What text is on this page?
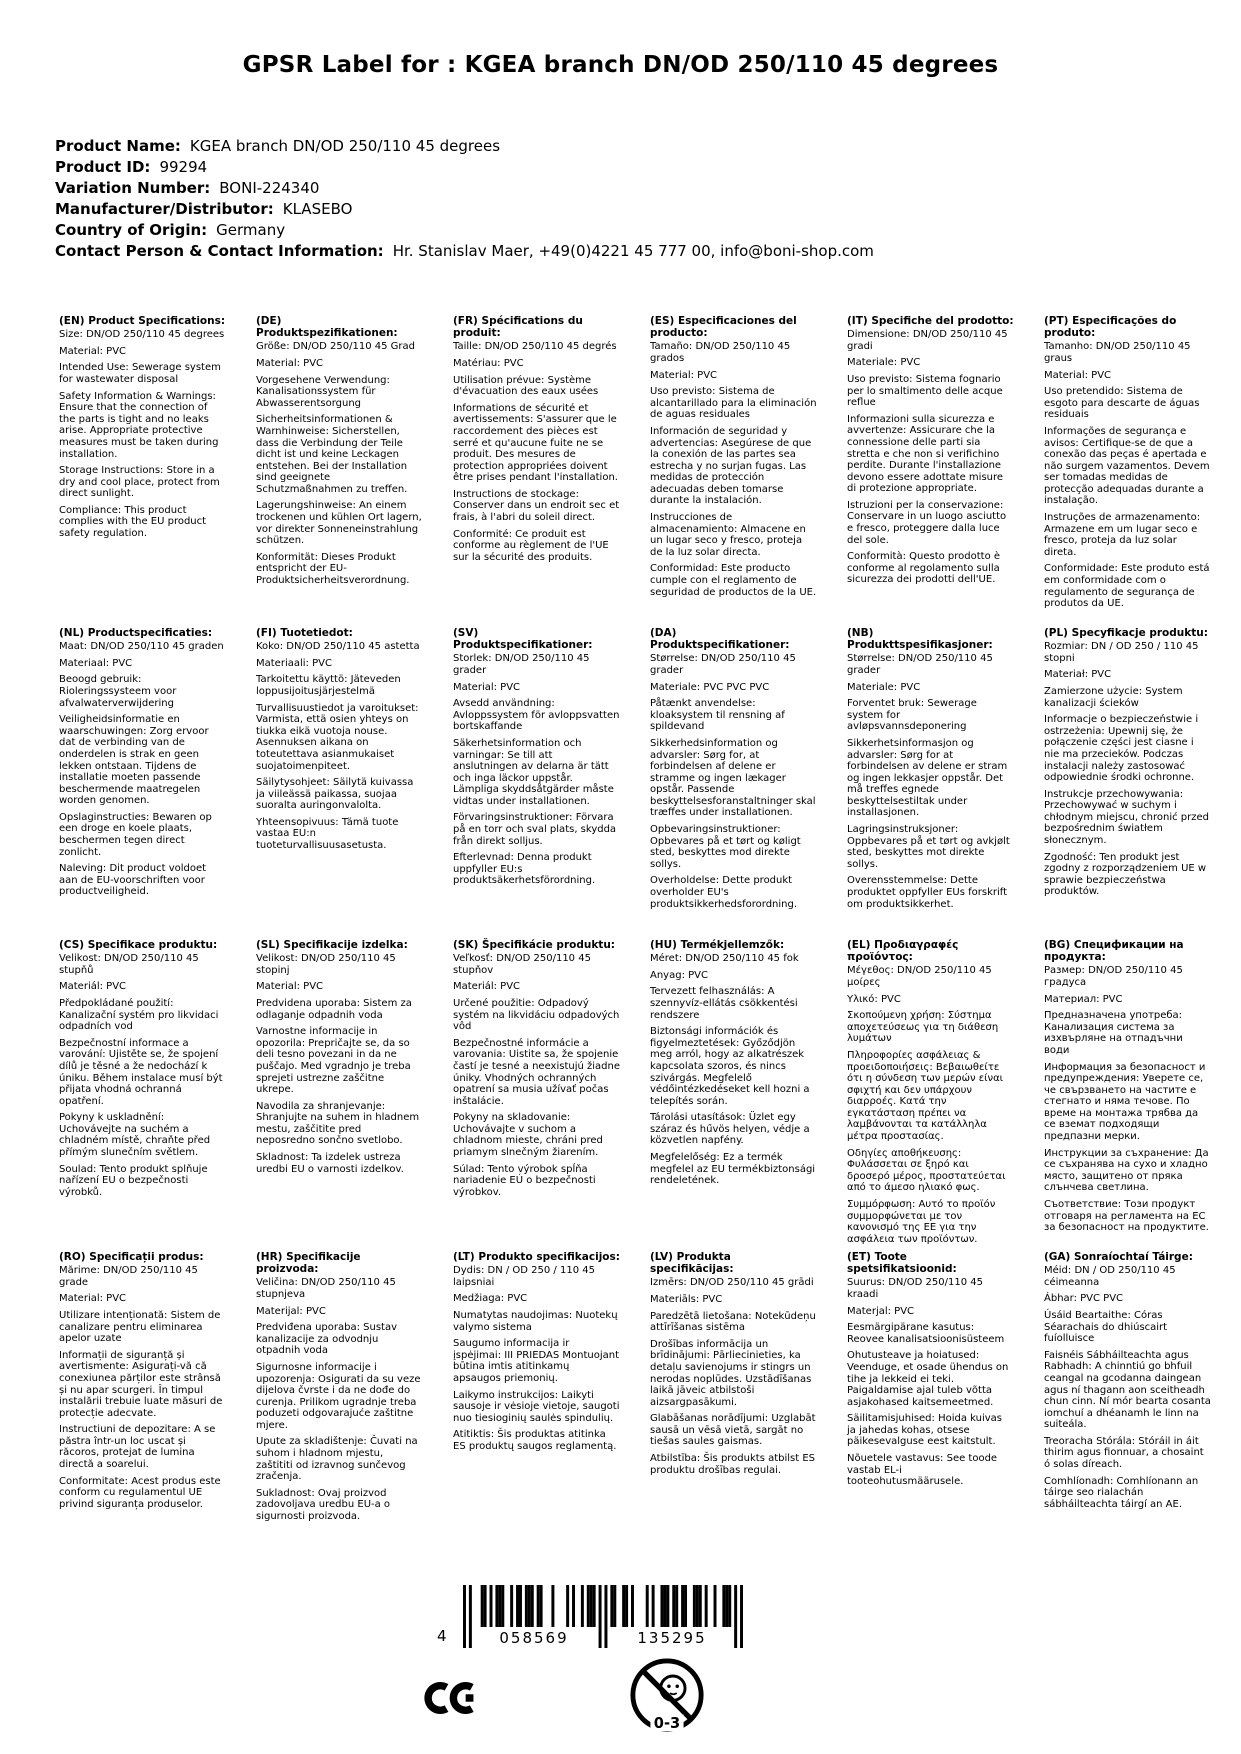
GPSR Label for : KGEA branch DN/OD 250/110 45 degrees
Product Name: KGEA branch DN/OD 250/110 45 degrees
Product ID: 99294
Variation Number: BONI-224340
Manufacturer/Distributor: KLASEBO
Country of Origin: Germany
Contact Person & Contact Information: Hr. Stanislav Maer, +49(0)4221 45 777 00, info@boni-shop.com
(EN) Product Specifications:

Size: DN/OD 250/110 45 degrees

Material: PVC

Intended Use: Sewerage system for wastewater disposal

Safety Information & Warnings: Ensure that the connection of the parts is tight and no leaks arise. Appropriate protective measures must be taken during installation.

Storage Instructions: Store in a dry and cool place, protect from direct sunlight.

Compliance: This product complies with the EU product safety regulation.

(DE) Produktspezifikationen:

Größe: DN/OD 250/110 45 Grad

Material: PVC

Vorgesehene Verwendung: Kanalisationssystem für Abwasserentsorgung

Sicherheitsinformationen & Warnhinweise: Sicherstellen, dass die Verbindung der Teile dicht ist und keine Leckagen entstehen. Bei der Installation sind geeignete Schutzmaßnahmen zu treffen.

Lagerungshinweise: An einem trockenen und kühlen Ort lagern, vor direkter Sonneneinstrahlung schützen.

Konformität: Dieses Produkt entspricht der EU-Produktsicherheitsverordnung.

(FR) Spécifications du produit:

Taille: DN/OD 250/110 45 degrés

Matériau: PVC

Utilisation prévue: Système d'évacuation des eaux usées

Informations de sécurité et avertissements: S'assurer que le raccordement des pièces est serré et qu'aucune fuite ne se produit. Des mesures de protection appropriées doivent être prises pendant l'installation.

Instructions de stockage: Conserver dans un endroit sec et frais, à l'abri du soleil direct.

Conformité: Ce produit est conforme au règlement de l'UE sur la sécurité des produits.

(ES) Especificaciones del producto:

Tamaño: DN/OD 250/110 45 grados

Material: PVC

Uso previsto: Sistema de alcantarillado para la eliminación de aguas residuales

Información de seguridad y advertencias: Asegúrese de que la conexión de las partes sea estrecha y no surjan fugas. Las medidas de protección adecuadas deben tomarse durante la instalación.

Instrucciones de almacenamiento: Almacene en un lugar seco y fresco, proteja de la luz solar directa.

Conformidad: Este producto cumple con el reglamento de seguridad de productos de la UE.

(IT) Specifiche del prodotto:

Dimensione: DN/OD 250/110 45 gradi

Materiale: PVC

Uso previsto: Sistema fognario per lo smaltimento delle acque reflue

Informazioni sulla sicurezza e avvertenze: Assicurare che la connessione delle parti sia stretta e che non si verifichino perdite. Durante l'installazione devono essere adottate misure di protezione appropriate.

Istruzioni per la conservazione: Conservare in un luogo asciutto e fresco, proteggere dalla luce del sole.

Conformità: Questo prodotto è conforme al regolamento sulla sicurezza dei prodotti dell'UE.

(PT) Especificações do produto:

Tamanho: DN/OD 250/110 45 graus

Material: PVC

Uso pretendido: Sistema de esgoto para descarte de águas residuais

Informações de segurança e avisos: Certifique-se de que a conexão das peças é apertada e não surgem vazamentos. Devem ser tomadas medidas de protecção adequadas durante a instalação.

Instruções de armazenamento: Armazene em um lugar seco e fresco, proteja da luz solar direta.

Conformidade: Este produto está em conformidade com o regulamento de segurança de produtos da UE.

(NL) Productspecificaties:

Maat: DN/OD 250/110 45 graden

Materiaal: PVC

Beoogd gebruik: Rioleringssysteem voor afvalwaterverwijdering

Veiligheidsinformatie en waarschuwingen: Zorg ervoor dat de verbinding van de onderdelen is strak en geen lekken ontstaan. Tijdens de installatie moeten passende beschermende maatregelen worden genomen.

Opslaginstructies: Bewaren op een droge en koele plaats, beschermen tegen direct zonlicht.

Naleving: Dit product voldoet aan de EU-voorschriften voor productveiligheid.

(FI) Tuotetiedot:

Koko: DN/OD 250/110 45 astetta

Materiaali: PVC

Tarkoitettu käyttö: Jäteveden loppusijoitusjärjestelmä

Turvallisuustiedot ja varoitukset: Varmista, että osien yhteys on tiukka eikä vuotoja nouse. Asennuksen aikana on toteutettava asianmukaiset suojatoimenpiteet.

Säilytysohjeet: Säilytä kuivassa ja viileässä paikassa, suojaa suoralta auringonvalolta.

Yhteensopivuus: Tämä tuote vastaa EU:n tuoteturvallisuusasetusta.

(SV) Produktspecifikationer:

Storlek: DN/OD 250/110 45 grader

Material: PVC

Avsedd användning: Avloppssystem för avloppsvatten bortskaffande

Säkerhetsinformation och varningar: Se till att anslutningen av delarna är tätt och inga läckor uppstår. Lämpliga skyddsåtgärder måste vidtas under installationen.

Förvaringsinstruktioner: Förvara på en torr och sval plats, skydda från direkt solljus.

Efterlevnad: Denna produkt uppfyller EU:s produktsäkerhetsförordning.

(DA) Produktspecifikationer:

Størrelse: DN/OD 250/110 45 grader

Materiale: PVC PVC PVC

Påtænkt anvendelse: kloaksystem til rensning af spildevand

Sikkerhedsinformation og advarsler: Sørg for, at forbindelsen af delene er stramme og ingen lækager opstår. Passende beskyttelsesforanstaltninger skal træffes under installationen.

Opbevaringsinstruktioner: Opbevares på et tørt og køligt sted, beskyttes mod direkte sollys.

Overholdelse: Dette produkt overholder EU's produktsikkerhedsforordning.

(NB) Produkttspesifikasjoner:

Størrelse: DN/OD 250/110 45 grader

Materiale: PVC

Forventet bruk: Sewerage system for avløpsvannsdeponering

Sikkerhetsinformasjon og advarsler: Sørg for at forbindelsen av delene er stram og ingen lekkasjer oppstår. Det må treffes egnede beskyttelsestiltak under installasjonen.

Lagringsinstruksjoner: Oppbevares på et tørt og avkjølt sted, beskyttes mot direkte sollys.

Overensstemmelse: Dette produktet oppfyller EUs forskrift om produktsikkerhet.

(PL) Specyfikacje produktu:

Rozmiar: DN / OD 250 / 110 45 stopni

Materiał: PVC

Zamierzone użycie: System kanalizacji ścieków

Informacje o bezpieczeństwie i ostrzeżenia: Upewnij się, że połączenie części jest ciasne i nie ma przecieków. Podczas instalacji należy zastosować odpowiednie środki ochronne.

Instrukcje przechowywania: Przechowywać w suchym i chłodnym miejscu, chronić przed bezpośrednim światłem słonecznym.

Zgodność: Ten produkt jest zgodny z rozporządzeniem UE w sprawie bezpieczeństwa produktów.

(CS) Specifikace produktu:

Velikost: DN/OD 250/110 45 stupňů

Materiál: PVC

Předpokládané použití: Kanalizační systém pro likvidaci odpadních vod

Bezpečnostní informace a varování: Ujistěte se, že spojení dílů je těsné a že nedochází k úniku. Během instalace musí být přijata vhodná ochranná opatření.

Pokyny k uskladnění: Uchovávejte na suchém a chladném místě, chraňte před přímým slunečním světlem.

Soulad: Tento produkt splňuje nařízení EU o bezpečnosti výrobků.

(SL) Specifikacije izdelka:

Velikost: DN/OD 250/110 45 stopinj

Material: PVC

Predvidena uporaba: Sistem za odlaganje odpadnih voda

Varnostne informacije in opozorila: Prepričajte se, da so deli tesno povezani in da ne puščajo. Med vgradnjo je treba sprejeti ustrezne zaščitne ukrepe.

Navodila za shranjevanje: Shranjujte na suhem in hladnem mestu, zaščitite pred neposredno sončno svetlobo.

Skladnost: Ta izdelek ustreza uredbi EU o varnosti izdelkov.

(SK) Špecifikácie produktu:

Veľkosť: DN/OD 250/110 45 stupňov

Materiál: PVC

Určené použitie: Odpadový systém na likvidáciu odpadových vôd

Bezpečnostné informácie a varovania: Uistite sa, že spojenie častí je tesné a neexistujú žiadne úniky. Vhodných ochranných opatrení sa musia užívať počas inštalácie.

Pokyny na skladovanie: Uchovávajte v suchom a chladnom mieste, chráni pred priamym slnečným žiarením.

Súlad: Tento výrobok spĺňa nariadenie EÚ o bezpečnosti výrobkov.

(HU) Termékjellemzők:

Méret: DN/OD 250/110 45 fok

Anyag: PVC

Tervezett felhasználás: A szennyvíz-ellátás csökkentési rendszere

Biztonsági információk és figyelmeztetések: Győződjön meg arról, hogy az alkatrészek kapcsolata szoros, és nincs szivárgás. Megfelelő védőintézkedéseket kell hozni a telepítés során.

Tárolási utasítások: Üzlet egy száraz és hűvös helyen, védje a közvetlen napfény.

Megfelelőség: Ez a termék megfelel az EU termékbiztonsági rendeletének.

(EL) Προδιαγραφές προϊόντος:

Μέγεθος: DN/OD 250/110 45 μοίρες

Υλικό: PVC

Σκοπούμενη χρήση: Σύστημα αποχετεύσεως για τη διάθεση λυμάτων

Πληροφορίες ασφάλειας & προειδοποιήσεις: Βεβαιωθείτε ότι η σύνδεση των μερών είναι σφιχτή και δεν υπάρχουν διαρροές. Κατά την εγκατάσταση πρέπει να λαμβάνονται τα κατάλληλα μέτρα προστασίας.

Οδηγίες αποθήκευσης: Φυλάσσεται σε ξηρό και δροσερό μέρος, προστατεύεται από το άμεσο ηλιακό φως.

Συμμόρφωση: Αυτό το προϊόν συμμορφώνεται με τον κανονισμό της ΕΕ για την ασφάλεια των προϊόντων.

(BG) Спецификации на продукта:

Размер: DN/OD 250/110 45 градуса

Материал: PVC

Предназначена употреба: Канализация система за изхвърляне на отпадъчни води

Информация за безопасност и предупреждения: Уверете се, че свързването на частите е стегнато и няма течове. По време на монтажа трябва да се вземат подходящи предпазни мерки.

Инструкции за съхранение: Да се съхранява на сухо и хладно място, защитено от пряка слънчева светлина.

Съответствие: Този продукт отговаря на регламента на ЕС за безопасност на продуктите.

(RO) Specificații produs:

Mărime: DN/OD 250/110 45 grade

Material: PVC

Utilizare intenționată: Sistem de canalizare pentru eliminarea apelor uzate

Informații de siguranță și avertismente: Asigurați-vă că conexiunea părților este strânsă și nu apar scurgeri. În timpul instalării trebuie luate măsuri de protecție adecvate.

Instructiuni de depozitare: A se păstra într-un loc uscat și răcoros, protejat de lumina directă a soarelui.

Conformitate: Acest produs este conform cu regulamentul UE privind siguranța produselor.

(HR) Specifikacije proizvoda:

Veličina: DN/OD 250/110 45 stupnjeva

Materijal: PVC

Predviđena uporaba: Sustav kanalizacije za odvodnju otpadnih voda

Sigurnosne informacije i upozorenja: Osigurati da su veze dijelova čvrste i da ne dođe do curenja. Prilikom ugradnje treba poduzeti odgovarajuće zaštitne mjere.

Upute za skladištenje: Čuvati na suhom i hladnom mjestu, zaštititi od izravnog sunčevog zračenja.

Sukladnost: Ovaj proizvod zadovoljava uredbu EU-a o sigurnosti proizvoda.

(LT) Produkto specifikacijos:

Dydis: DN / OD 250 / 110 45 laipsniai

Medžiaga: PVC

Numatytas naudojimas: Nuotekų valymo sistema

Saugumo informacija ir įspėjimai: III PRIEDAS Montuojant būtina imtis atitinkamų apsaugos priemonių.

Laikymo instrukcijos: Laikyti sausoje ir vėsioje vietoje, saugoti nuo tiesioginių saulės spindulių.

Atitiktis: Šis produktas atitinka ES produktų saugos reglamentą.

(LV) Produkta specifikācijas:

Izmērs: DN/OD 250/110 45 grādi

Materiāls: PVC

Paredzētā lietošana: Notekūdeņu attīrīšanas sistēma

Drošības informācija un brīdinājumi: Pārliecinieties, ka detaļu savienojums ir stingrs un nerodas noplūdes. Uzstādīšanas laikā jāveic atbilstoši aizsargpasākumi.

Glabāšanas norādījumi: Uzglabāt sausā un vēsā vietā, sargāt no tiešas saules gaismas.

Atbilstība: Šis produkts atbilst ES produktu drošības regulai.

(ET) Toote spetsifikatsioonid:

Suurus: DN/OD 250/110 45 kraadi

Materjal: PVC

Eesmärgipärane kasutus: Reovee kanalisatsioonisüsteem

Ohutusteave ja hoiatused: Veenduge, et osade ühendus on tihe ja lekkeid ei teki. Paigaldamise ajal tuleb võtta asjakohased kaitsemeetmed.

Säilitamisjuhised: Hoida kuivas ja jahedas kohas, otsese päikesevalguse eest kaitstult.

Nõuetele vastavus: See toode vastab EL-i tooteohutusmäärusele.

(GA) Sonraíochtaí Táirge:

Méid: DN / OD 250/110 45 céimeanna

Ábhar: PVC PVC

Úsáid Beartaithe: Córas Séarachais do dhiúscairt fuíolluisce

Faisnéis Sábháilteachta agus Rabhadh: A chinntiú go bhfuil ceangal na gcodanna daingean agus ní thagann aon sceitheadh chun cinn. Ní mór bearta cosanta iomchuí a dhéanamh le linn na suiteála.

Treoracha Stórála: Stóráil in áit thirim agus fionnuar, a chosaint ó solas díreach.

Comhlíonadh: Comhlíonann an táirge seo rialachán sábháilteachta táirgí an AE.

4	058569	135295
0-3
